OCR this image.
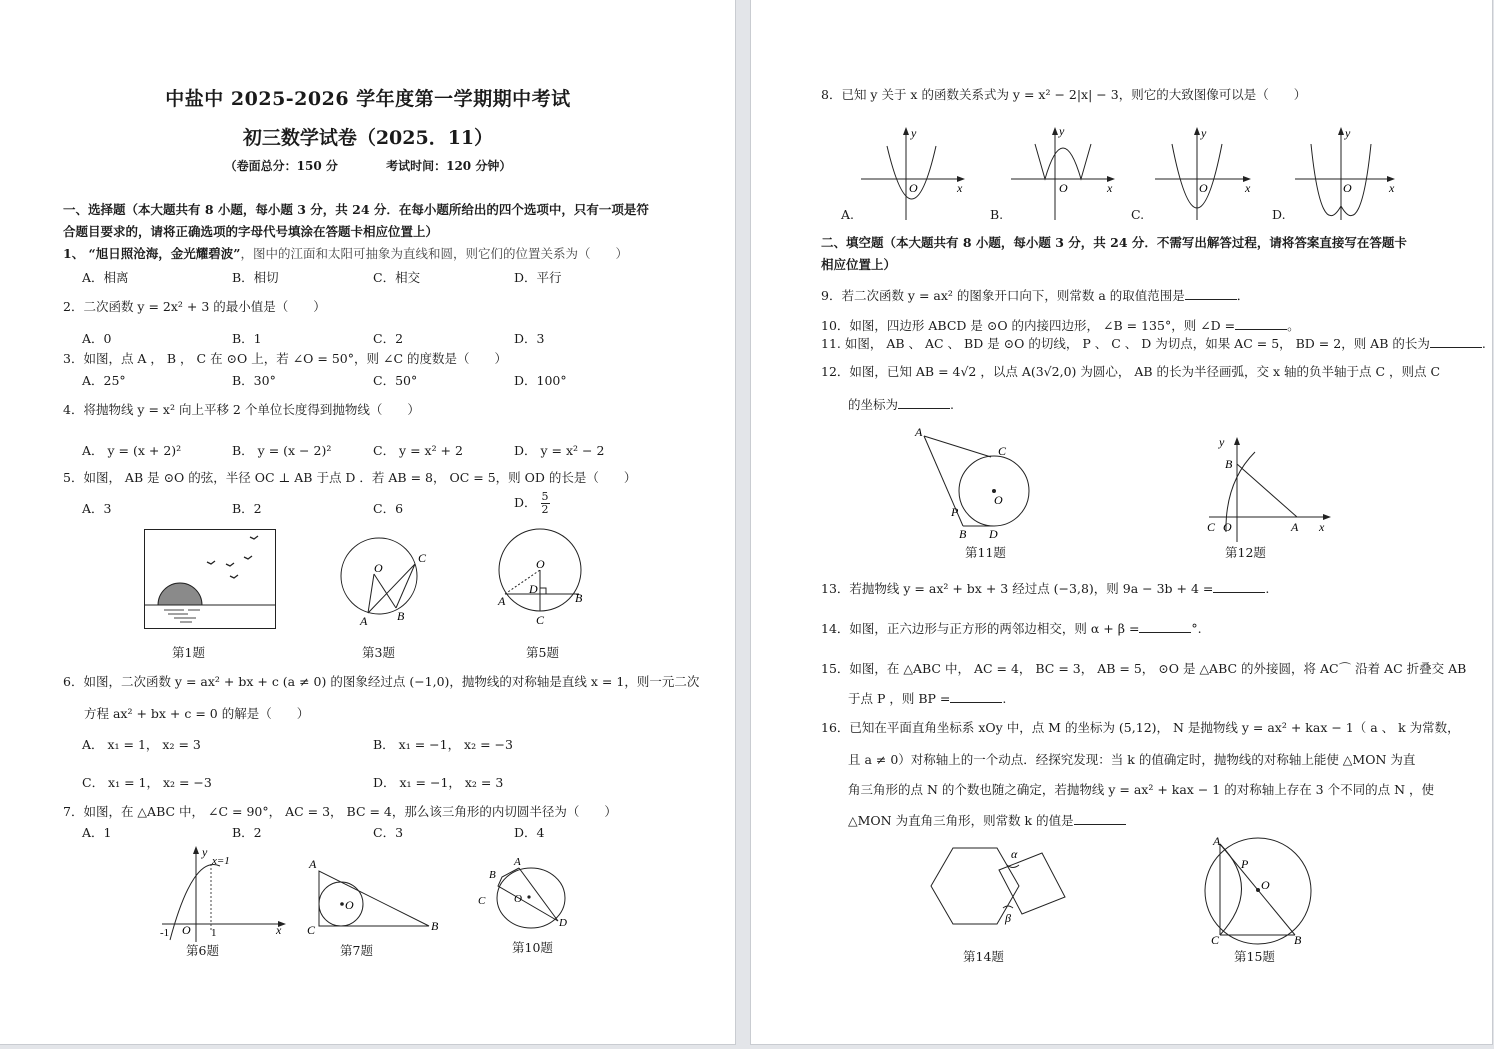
中盐中 2025-2026 学年度第一学期期中考试
初三数学试卷（2025．11）
（卷面总分：150 分	考试时间：120 分钟）
一、选择题（本大题共有 8 小题，每小题 3 分，共 24 分．在每小题所给出的四个选项中，只有一项是符
合题目要求的，请将正确选项的字母代号填涂在答题卡相应位置上）
1、 “旭日照沧海，金光耀碧波”，图中的江面和太阳可抽象为直线和圆，则它们的位置关系为（　　）
A．相离	B．相切	C．相交	D．平行
2．二次函数 y = 2x² + 3 的最小值是（　　）
A．0	B．1	C．2	D．3
3．如图，点 A ， B ， C 在 ⊙O 上，若 ∠O = 50°，则 ∠C 的度数是（　　）
A．25°	B．30°	C．50°	D．100°
4．将抛物线 y = x² 向上平移 2 个单位长度得到抛物线（　　）
A． y = (x + 2)²	B． y = (x − 2)²	C． y = x² + 2	D． y = x² − 2
5．如图， AB 是 ⊙O 的弦，半径 OC ⊥ AB 于点 D ．若 AB = 8， OC = 5，则 OD 的长是（　　）
A．3	B．2	C．6	D． $\frac{5}{2}$
第1题
O
C
A B
第3题
O
D
A	B
C
第5题
6．如图，二次函数 y = ax² + bx + c (a ≠ 0) 的图象经过点 (−1,0)，抛物线的对称轴是直线 x = 1，则一元二次
方程 ax² + bx + c = 0 的解是（　　）
A． x₁ = 1， x₂ = 3	B． x₁ = −1， x₂ = −3
C． x₁ = 1， x₂ = −3	D． x₁ = −1， x₂ = 3
7．如图，在 △ABC 中， ∠C = 90°， AC = 3， BC = 4，那么该三角形的内切圆半径为（　　）
A．1	B．2	C．3	D．4
y
x=1
-1 O 1	x
第6题
O
A
C	B
第7题
A
B
C
D
O
第10题
8．已知 y 关于 x 的函数关系式为 y = x² − 2|x| − 3，则它的大致图像可以是（　　）
y
O	x
A.
y
O	x
B.
y
O	x
C.
y
O	x
D.
二、填空题（本大题共有 8 小题，每小题 3 分，共 24 分．不需写出解答过程，请将答案直接写在答题卡
相应位置上）
9．若二次函数 y = ax² 的图象开口向下，则常数 a 的取值范围是	．
10．如图，四边形 ABCD 是 ⊙O 的内接四边形， ∠B = 135°，则 ∠D =	。
11. 如图， AB 、 AC 、 BD 是 ⊙O 的切线， P 、 C 、 D 为切点，如果 AC = 5， BD = 2，则 AB 的长为	.
12．如图，已知 AB = 4√2 ，以点 A(3√2,0) 为圆心， AB 的长为半径画弧，交 x 轴的负半轴于点 C ，则点 C
的坐标为	.
A
C
O
P
B D
第11题
y
B
C O	A x
第12题
13．若抛物线 y = ax² + bx + 3 经过点 (−3,8)，则 9a − 3b + 4 =	.
14．如图，正六边形与正方形的两邻边相交，则 α + β =	°.
15．如图，在 △ABC 中， AC = 4， BC = 3， AB = 5， ⊙O 是 △ABC 的外接圆，将 AC⌒ 沿着 AC 折叠交 AB
于点 P ，则 BP =	.
16．已知在平面直角坐标系 xOy 中，点 M 的坐标为 (5,12)， N 是抛物线 y = ax² + kax − 1（ a 、 k 为常数，
且 a ≠ 0）对称轴上的一个动点．经探究发现：当 k 的值确定时，抛物线的对称轴上能使 △MON 为直
角三角形的点 N 的个数也随之确定，若抛物线 y = ax² + kax − 1 的对称轴上存在 3 个不同的点 N ，使
△MON 为直角三角形，则常数 k 的值是
α
β
第14题
A
P
O
C	B
第15题
